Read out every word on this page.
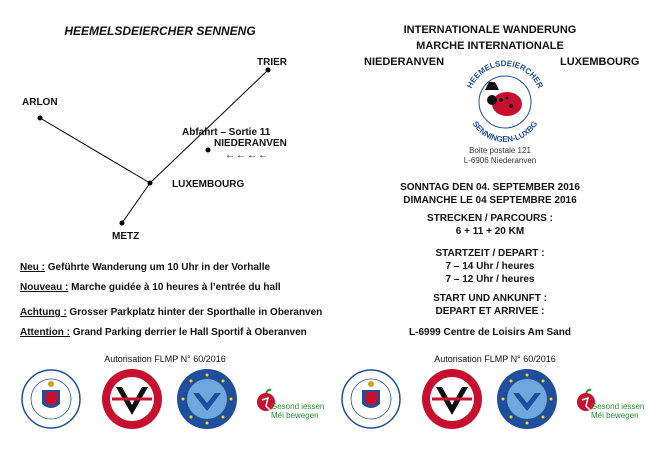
HEEMELSDEIERCHER SENNENG
TRIER
ARLON
Abfahrt – Sortie 11
NIEDERANVEN
←←←←
LUXEMBOURG
METZ
Neu : Geführte Wanderung um 10 Uhr in der Vorhalle
Nouveau : Marche guidée à 10 heures à l’entrée du hall
Achtung : Grosser Parkplatz hinter der Sporthalle in Oberanven
Attention : Grand Parking derrier le Hall Sportif à Oberanven
Autorisation FLMP N° 60/2016
Gesond iessen
Méi bewegen
INTERNATIONALE WANDERUNG
MARCHE INTERNATIONALE
NIEDERANVEN	LUXEMBOURG
HEEMELSDEIERCHER
SENNINGEN-LUXBG
Boite postale 121
L-6906 Niederanven
SONNTAG DEN 04. SEPTEMBER 2016
DIMANCHE LE 04 SEPTEMBRE 2016
STRECKEN / PARCOURS :
6 + 11 + 20 KM
STARTZEIT / DEPART :
7 – 14 Uhr / heures
7 – 12 Uhr / heures
START UND ANKUNFT :
DEPART ET ARRIVEE :
L-6999 Centre de Loisirs Am Sand
Autorisation FLMP N° 60/2016
Gesond iessen
Méi bewegen
